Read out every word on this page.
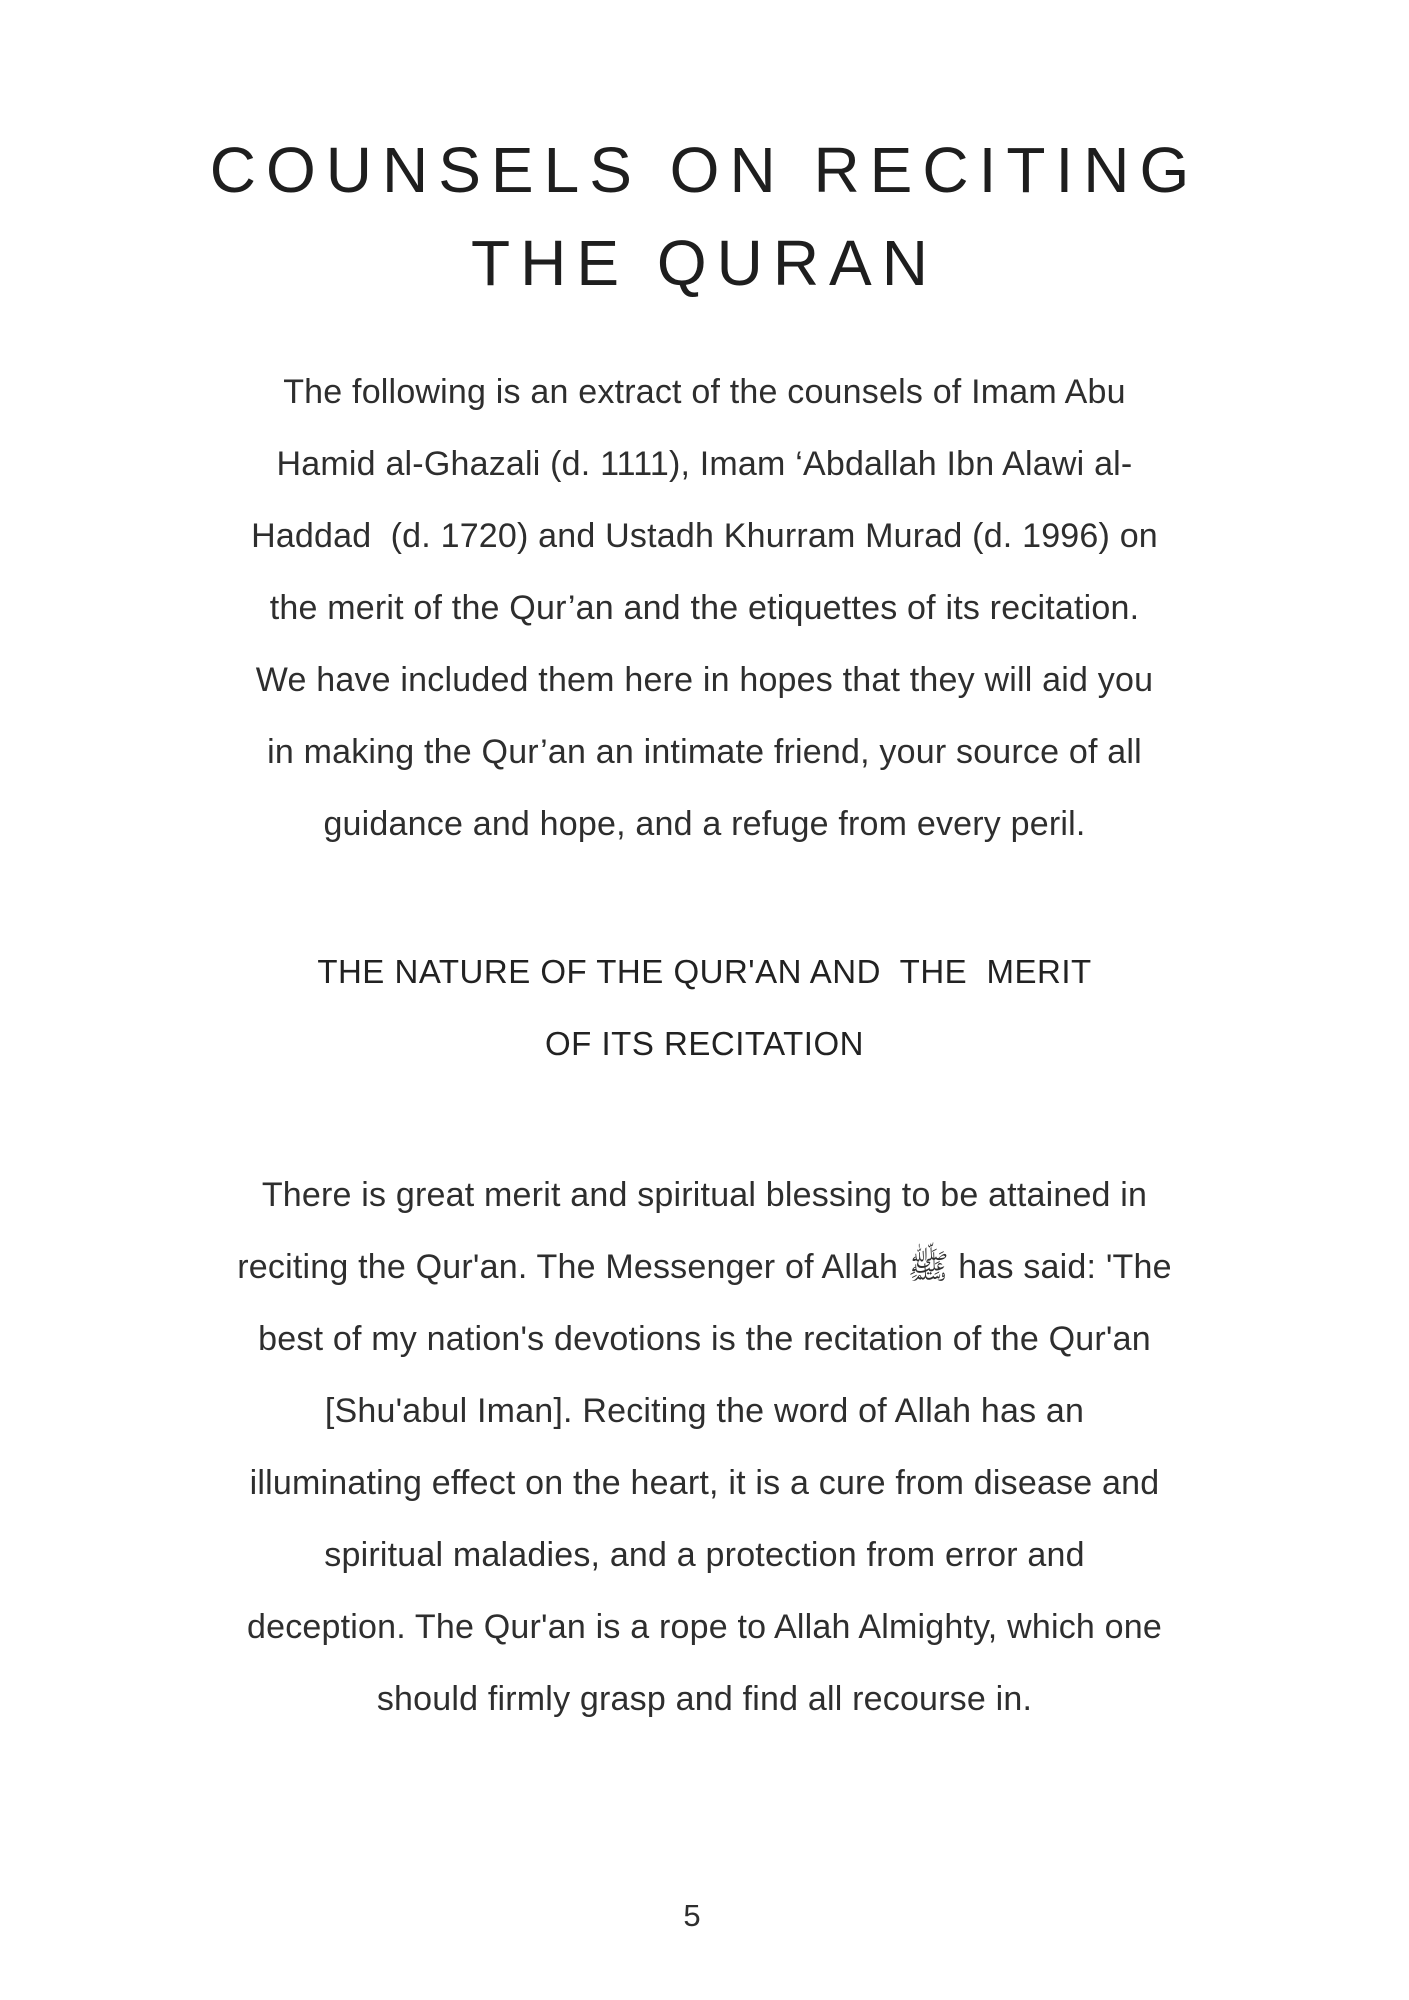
COUNSELS ON RECITING
THE QURAN
The following is an extract of the counsels of Imam Abu
Hamid al-Ghazali (d. 1111), Imam ‘Abdallah Ibn Alawi al-
Haddad  (d. 1720) and Ustadh Khurram Murad (d. 1996) on
the merit of the Qur’an and the etiquettes of its recitation.
We have included them here in hopes that they will aid you
in making the Qur’an an intimate friend, your source of all
guidance and hope, and a refuge from every peril.
THE NATURE OF THE QUR'AN AND  THE  MERIT
OF ITS RECITATION
There is great merit and spiritual blessing to be attained in
reciting the Qur'an. The Messenger of Allah ﷺ has said: 'The
best of my nation's devotions is the recitation of the Qur'an
[Shu'abul Iman]. Reciting the word of Allah has an
illuminating effect on the heart, it is a cure from disease and
spiritual maladies, and a protection from error and
deception. The Qur'an is a rope to Allah Almighty, which one
should firmly grasp and find all recourse in.
5
